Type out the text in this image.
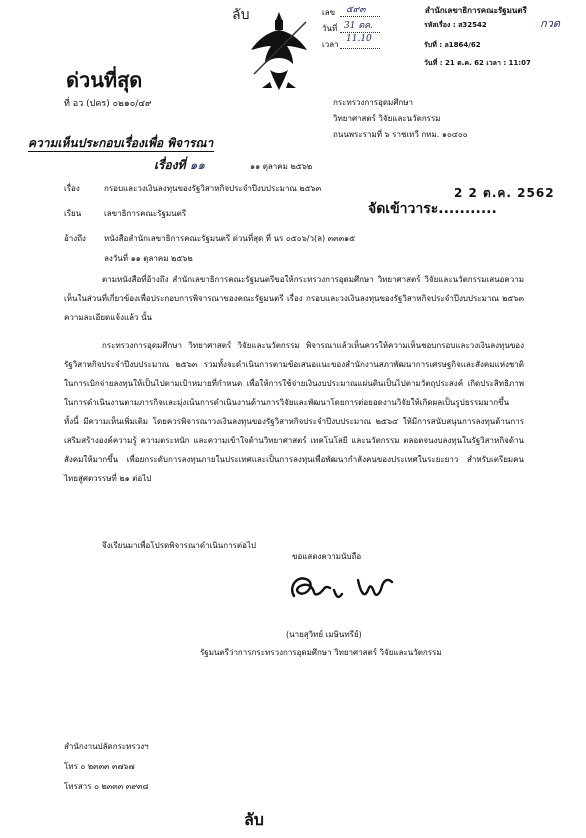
ลับ	เลข ๕๙๓
วันที่ 31 ตค.
เวลา
11.10
สำนักเลขาธิการคณะรัฐมนตรี
รหัสเรื่อง : ส32542	กวด
รับที่ : ล1864/62
วันที่ : 21 ต.ค. 62 เวลา : 11:07
ด่วนที่สุด
ที่ อว (ปคร) ๐๒๑๐/๔๙	กระทรวงการอุดมศึกษา
วิทยาศาสตร์ วิจัยและนวัตกรรม
ถนนพระรามที่ ๖ ราชเทวี กทม. ๑๐๔๐๐
ความเห็นประกอบเรื่องเพื่อ พิจารณา
เรื่องที่ ๑๑	๑๑ ตุลาคม ๒๕๖๒
เรื่อง	กรอบและวงเงินลงทุนของรัฐวิสาหกิจประจำปีงบประมาณ ๒๕๖๓
เรียน	เลขาธิการคณะรัฐมนตรี	จัดเข้าวาระ...........
2 2 ต.ค. 2562
อ้างถึง หนังสือสำนักเลขาธิการคณะรัฐมนตรี ด่วนที่สุด ที่ นร ๐๕๐๖/ว(ล) ๓๓๓๑๕
ลงวันที่ ๑๑ ตุลาคม ๒๕๖๒
ตามหนังสือที่อ้างถึง สำนักเลขาธิการคณะรัฐมนตรีขอให้กระทรวงการอุดมศึกษา วิทยาศาสตร์ วิจัยและนวัตกรรมเสนอความเห็นในส่วนที่เกี่ยวข้องเพื่อประกอบการพิจารณาของคณะรัฐมนตรี เรื่อง กรอบและวงเงินลงทุนของรัฐวิสาหกิจประจำปีงบประมาณ ๒๕๖๓ ความละเอียดแจ้งแล้ว นั้น
กระทรวงการอุดมศึกษา วิทยาศาสตร์ วิจัยและนวัตกรรม พิจารณาแล้วเห็นควรให้ความเห็นชอบกรอบและวงเงินลงทุนของรัฐวิสาหกิจประจำปีงบประมาณ ๒๕๖๓ รวมทั้งจะดำเนินการตามข้อเสนอแนะของสำนักงานสภาพัฒนาการเศรษฐกิจและสังคมแห่งชาติ ในการเบิกจ่ายลงทุนให้เป็นไปตามเป้าหมายที่กำหนด เพื่อให้การใช้จ่ายเงินงบประมาณแผ่นดินเป็นไปตามวัตถุประสงค์ เกิดประสิทธิภาพในการดำเนินงานตามภารกิจและมุ่งเน้นการดำเนินงานด้านการวิจัยและพัฒนาโดยการต่อยอดงานวิจัยให้เกิดผลเป็นรูปธรรมมากขึ้น ทั้งนี้ มีความเห็นเพิ่มเติม โดยควรพิจารณาวงเงินลงทุนของรัฐวิสาหกิจประจำปีงบประมาณ ๒๕๖๔ ให้มีการสนับสนุนการลงทุนด้านการเสริมสร้างองค์ความรู้ ความตระหนัก และความเข้าใจด้านวิทยาศาสตร์ เทคโนโลยี และนวัตกรรม ตลอดจนงบลงทุนในรัฐวิสาหกิจด้านสังคมให้มากขึ้น เพื่อยกระดับการลงทุนภายในประเทศและเป็นการลงทุนเพื่อพัฒนากำลังคนของประเทศในระยะยาว สำหรับเตรียมคนไทยสู่ศตวรรษที่ ๒๑ ต่อไป
จึงเรียนมาเพื่อโปรดพิจารณาดำเนินการต่อไป
ขอแสดงความนับถือ
(นายสุวิทย์ เมษินทรีย์)
รัฐมนตรีว่าการกระทรวงการอุดมศึกษา วิทยาศาสตร์ วิจัยและนวัตกรรม
สำนักงานปลัดกระทรวงฯ
โทร ๐ ๒๓๓๓ ๓๗๖๗
โทรสาร ๐ ๒๓๓๓ ๓๙๓๘
ลับ
